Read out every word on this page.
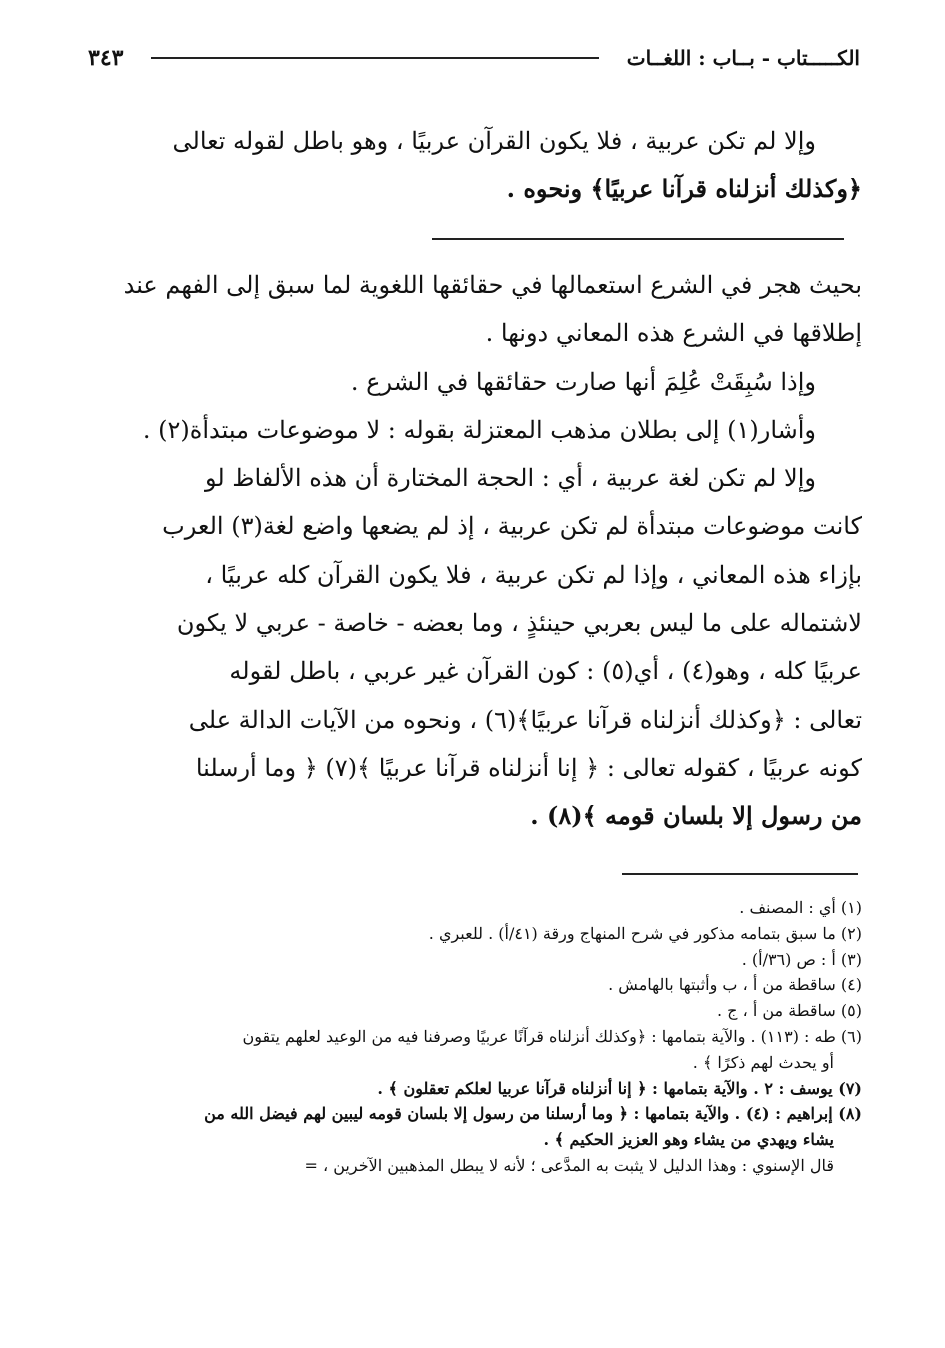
الكـــــتاب - بــاب : اللغــات
٣٤٣
وإلا لم تكن عربية ، فلا يكون القرآن عربيًا ، وهو باطل لقوله تعالى
﴿وكذلك أنزلناه قرآنا عربيًا﴾ ونحوه .
بحيث هجر في الشرع استعمالها في حقائقها اللغوية لما سبق إلى الفهم عند
إطلاقها في الشرع هذه المعاني دونها .
وإذا سُبِقَتْ عُلِمَ أنها صارت حقائقها في الشرع .
وأشار(١) إلى بطلان مذهب المعتزلة بقوله : لا موضوعات مبتدأة(٢) .
وإلا لم تكن لغة عربية ، أي : الحجة المختارة أن هذه الألفاظ لو
كانت موضوعات مبتدأة لم تكن عربية ، إذ لم يضعها واضع لغة(٣) العرب
بإزاء هذه المعاني ، وإذا لم تكن عربية ، فلا يكون القرآن كله عربيًا ،
لاشتماله على ما ليس بعربي حينئذٍ ، وما بعضه - خاصة - عربي لا يكون
عربيًا كله ، وهو(٤) ، أي(٥) : كون القرآن غير عربي ، باطل لقوله
تعالى : ﴿وكذلك أنزلناه قرآنا عربيًا﴾(٦) ، ونحوه من الآيات الدالة على
كونه عربيًا ، كقوله تعالى : ﴿ إنا أنزلناه قرآنا عربيًا ﴾(٧) ﴿ وما أرسلنا
من رسول إلا بلسان قومه ﴾(٨) .
(١) أي : المصنف .
(٢) ما سبق بتمامه مذكور في شرح المنهاج ورقة (٤١/أ) . للعبري .
(٣) أ : ص (٣٦/أ) .
(٤) ساقطة من أ ، ب وأثبتها بالهامش .
(٥) ساقطة من أ ، ج .
(٦) طه : (١١٣) . والآية بتمامها : ﴿وكذلك أنزلناه قرآنًا عربيًا وصرفنا فيه من الوعيد لعلهم يتقون
أو يحدث لهم ذكرًا ﴾ .
(٧) يوسف : ٢ . والآية بتمامها : ﴿ إنا أنزلناه قرآنا عربيا لعلكم تعقلون ﴾ .
(٨) إبراهيم : (٤) . والآية بتمامها : ﴿ وما أرسلنا من رسول إلا بلسان قومه ليبين لهم فيضل الله من
يشاء ويهدي من يشاء وهو العزيز الحكيم ﴾ .
قال الإسنوي : وهذا الدليل لا يثبت به المدَّعى ؛ لأنه لا يبطل المذهبين الآخرين ، =
